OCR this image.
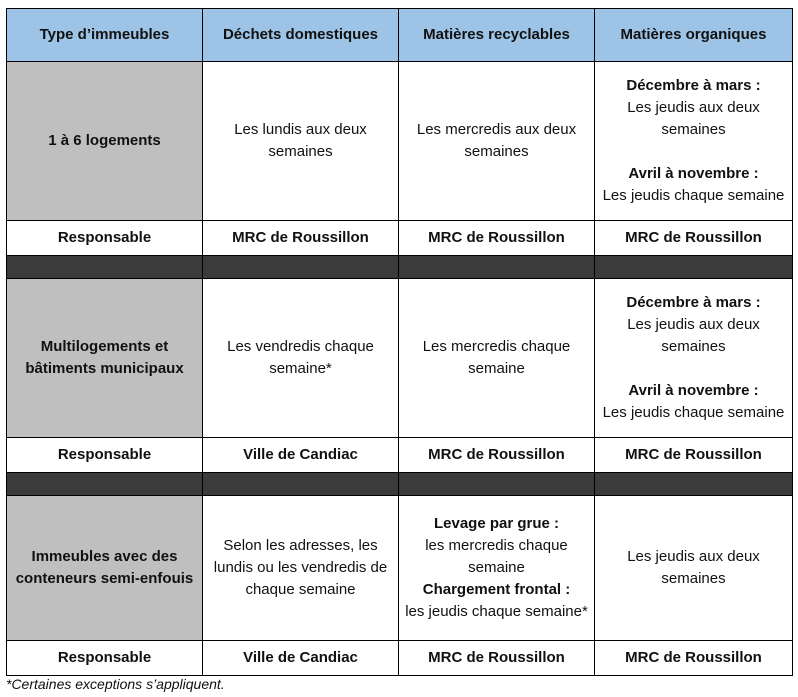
Type d’immeubles	Déchets domestiques	Matières recyclables	Matières organiques
1 à 6 logements	Les lundis aux deux semaines	Les mercredis aux deux semaines	Décembre à mars :
Les jeudis aux deux semaines
Avril à novembre :
Les jeudis chaque semaine

Responsable	MRC de Roussillon	MRC de Roussillon	MRC de Roussillon

Multilogements et bâtiments municipaux	Les vendredis chaque semaine*	Les mercredis chaque semaine	Décembre à mars :
Les jeudis aux deux semaines
Avril à novembre :
Les jeudis chaque semaine

Responsable	Ville de Candiac	MRC de Roussillon	MRC de Roussillon

Immeubles avec des conteneurs semi-enfouis	Selon les adresses, les lundis ou les vendredis de chaque semaine	Levage par grue :
les mercredis chaque semaine
Chargement frontal :
les jeudis chaque semaine*	Les jeudis aux deux semaines
Responsable	Ville de Candiac	MRC de Roussillon	MRC de Roussillon
*Certaines exceptions s’appliquent.
